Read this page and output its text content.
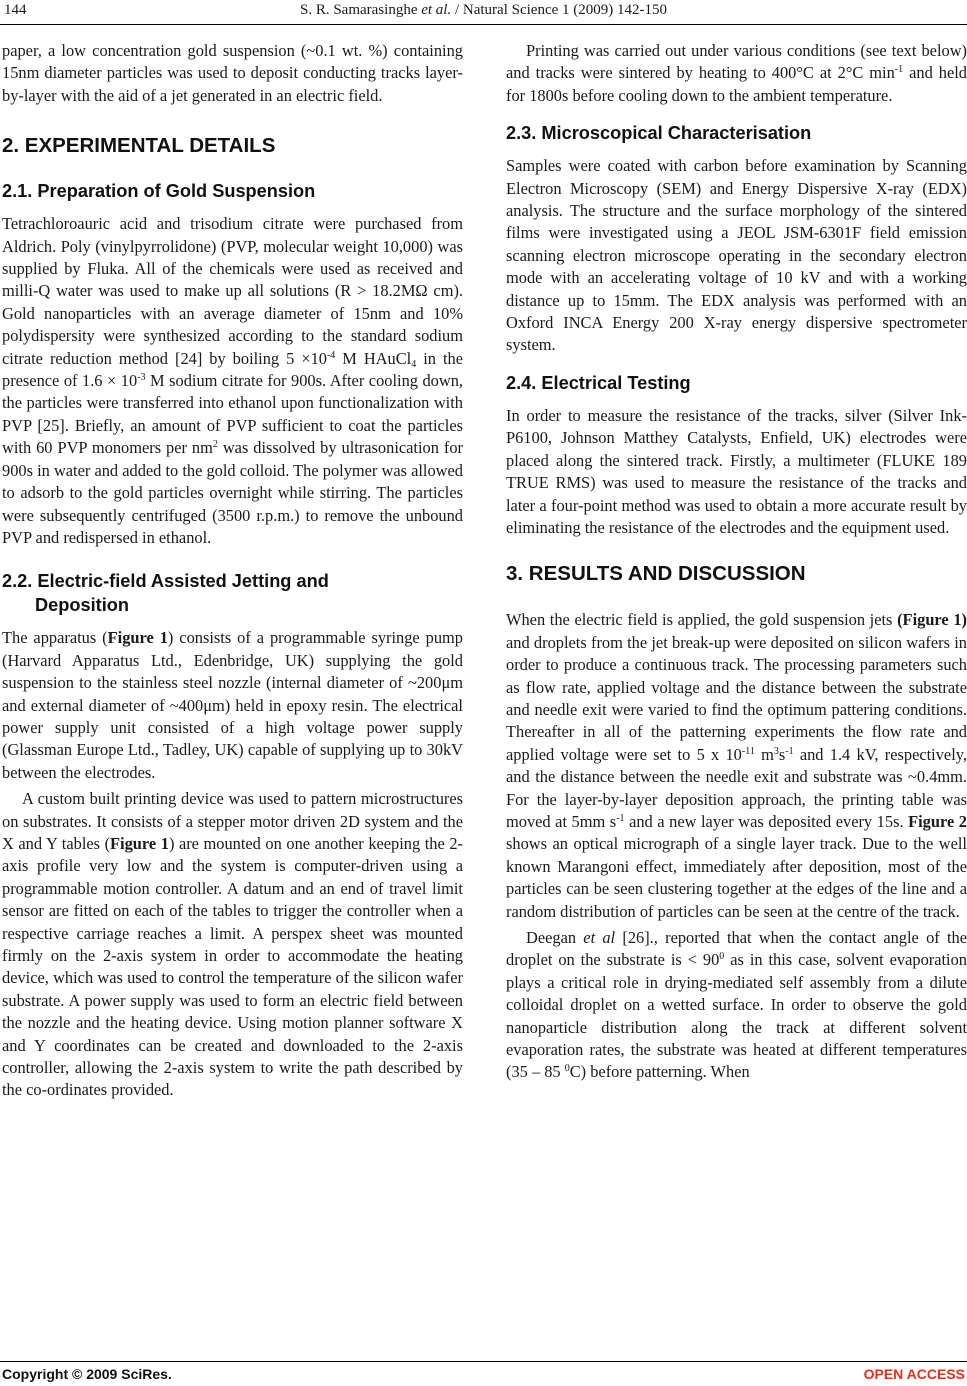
144	S. R. Samarasinghe et al. / Natural Science 1 (2009) 142-150

paper, a low concentration gold suspension (~0.1 wt. %) containing 15nm diameter particles was used to deposit conducting tracks layer-by-layer with the aid of a jet generated in an electric field.

2. EXPERIMENTAL DETAILS
2.1. Preparation of Gold Suspension

Tetrachloroauric acid and trisodium citrate were purchased from Aldrich. Poly (vinylpyrrolidone) (PVP, molecular weight 10,000) was supplied by Fluka. All of the chemicals were used as received and milli-Q water was used to make up all solutions (R > 18.2MΩ cm). Gold nanoparticles with an average diameter of 15nm and 10% polydispersity were synthesized according to the standard sodium citrate reduction method [24] by boiling $5 \times 10^{-4}$ M HAuCl$_4$ in the presence of $1.6 \times 10^{-3}$ M sodium citrate for 900s. After cooling down, the particles were transferred into ethanol upon functionalization with PVP [25]. Briefly, an amount of PVP sufficient to coat the particles with 60 PVP monomers per $nm^2$ was dissolved by ultrasonication for 900s in water and added to the gold colloid. The polymer was allowed to adsorb to the gold particles overnight while stirring. The particles were subsequently centrifuged (3500 r.p.m.) to remove the unbound PVP and redispersed in ethanol.

2.2. Electric-field Assisted Jetting and
Deposition

The apparatus (Figure 1) consists of a programmable syringe pump (Harvard Apparatus Ltd., Edenbridge, UK) supplying the gold suspension to the stainless steel nozzle (internal diameter of ~200μm and external diameter of ~400μm) held in epoxy resin. The electrical power supply unit consisted of a high voltage power supply (Glassman Europe Ltd., Tadley, UK) capable of supplying up to 30kV between the electrodes.

A custom built printing device was used to pattern microstructures on substrates. It consists of a stepper motor driven 2D system and the X and Y tables (Figure 1) are mounted on one another keeping the 2-axis profile very low and the system is computer-driven using a programmable motion controller. A datum and an end of travel limit sensor are fitted on each of the tables to trigger the controller when a respective carriage reaches a limit. A perspex sheet was mounted firmly on the 2-axis system in order to accommodate the heating device, which was used to control the temperature of the silicon wafer substrate. A power supply was used to form an electric field between the nozzle and the heating device. Using motion planner software X and Y coordinates can be created and downloaded to the 2-axis controller, allowing the 2-axis system to write the path described by the co-ordinates provided.

Printing was carried out under various conditions (see text below) and tracks were sintered by heating to 400°C at 2°C $\min^{-1}$ and held for 1800s before cooling down to the ambient temperature.

2.3. Microscopical Characterisation

Samples were coated with carbon before examination by Scanning Electron Microscopy (SEM) and Energy Dispersive X-ray (EDX) analysis. The structure and the surface morphology of the sintered films were investigated using a JEOL JSM-6301F field emission scanning electron microscope operating in the secondary electron mode with an accelerating voltage of 10 kV and with a working distance up to 15mm. The EDX analysis was performed with an Oxford INCA Energy 200 X-ray energy dispersive spectrometer system.

2.4. Electrical Testing

In order to measure the resistance of the tracks, silver (Silver Ink-P6100, Johnson Matthey Catalysts, Enfield, UK) electrodes were placed along the sintered track. Firstly, a multimeter (FLUKE 189 TRUE RMS) was used to measure the resistance of the tracks and later a four-point method was used to obtain a more accurate result by eliminating the resistance of the electrodes and the equipment used.

3. RESULTS AND DISCUSSION

When the electric field is applied, the gold suspension jets (Figure 1) and droplets from the jet break-up were deposited on silicon wafers in order to produce a continuous track. The processing parameters such as flow rate, applied voltage and the distance between the substrate and needle exit were varied to find the optimum pattering conditions. Thereafter in all of the patterning experiments the flow rate and applied voltage were set to 5 x $10^{-11}$ $m^3s^{-1}$ and 1.4 kV, respectively, and the distance between the needle exit and substrate was ~0.4mm. For the layer-by-layer deposition approach, the printing table was moved at 5mm $s^{-1}$ and a new layer was deposited every 15s. Figure 2 shows an optical micrograph of a single layer track. Due to the well known Marangoni effect, immediately after deposition, most of the particles can be seen clustering together at the edges of the line and a random distribution of particles can be seen at the centre of the track.

Deegan et al [26]., reported that when the contact angle of the droplet on the substrate is < $90^0$ as in this case, solvent evaporation plays a critical role in drying-mediated self assembly from a dilute colloidal droplet on a wetted surface. In order to observe the gold nanoparticle distribution along the track at different solvent evaporation rates, the substrate was heated at different temperatures (35 – 85 $^0$C) before patterning. When

Copyright © 2009 SciRes.	OPEN ACCESS
